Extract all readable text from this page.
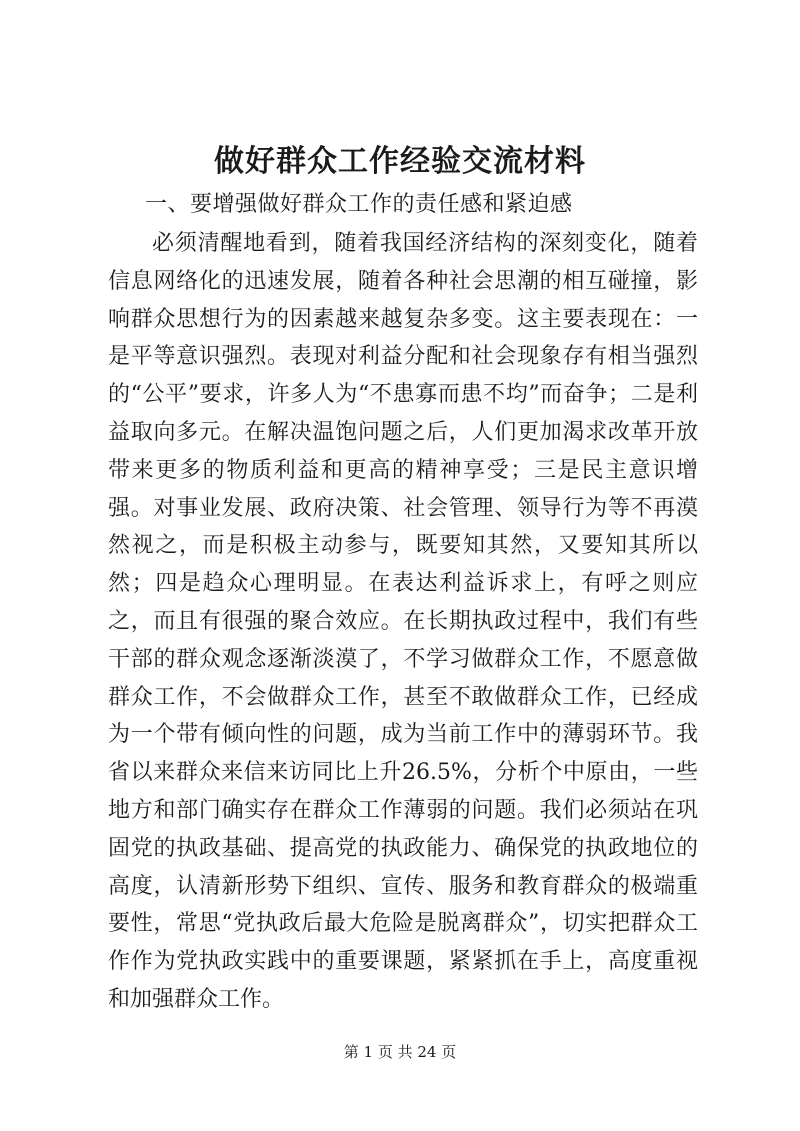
做好群众工作经验交流材料

一、要增强做好群众工作的责任感和紧迫感

必须清醒地看到，随着我国经济结构的深刻变化，随着信息网络化的迅速发展，随着各种社会思潮的相互碰撞，影响群众思想行为的因素越来越复杂多变。这主要表现在：一是平等意识强烈。表现对利益分配和社会现象存有相当强烈的“公平”要求，许多人为“不患寡而患不均”而奋争；二是利益取向多元。在解决温饱问题之后，人们更加渴求改革开放带来更多的物质利益和更高的精神享受；三是民主意识增强。对事业发展、政府决策、社会管理、领导行为等不再漠然视之，而是积极主动参与，既要知其然，又要知其所以然；四是趋众心理明显。在表达利益诉求上，有呼之则应之，而且有很强的聚合效应。在长期执政过程中，我们有些干部的群众观念逐渐淡漠了，不学习做群众工作，不愿意做群众工作，不会做群众工作，甚至不敢做群众工作，已经成为一个带有倾向性的问题，成为当前工作中的薄弱环节。我省以来群众来信来访同比上升26.5%，分析个中原由，一些地方和部门确实存在群众工作薄弱的问题。我们必须站在巩固党的执政基础、提高党的执政能力、确保党的执政地位的高度，认清新形势下组织、宣传、服务和教育群众的极端重要性，常思“党执政后最大危险是脱离群众”，切实把群众工作作为党执政实践中的重要课题，紧紧抓在手上，高度重视和加强群众工作。

第 1 页 共 24 页
